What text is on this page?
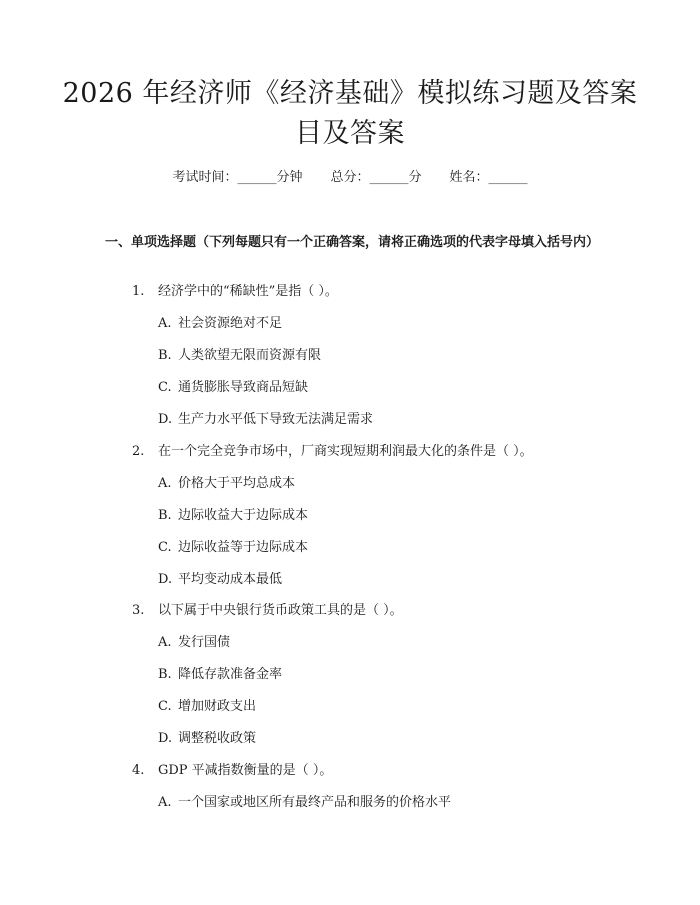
2026 年经济师《经济基础》模拟练习题及答案目及答案
考试时间：______分钟 总分：______分 姓名：______
一、单项选择题（下列每题只有一个正确答案，请将正确选项的代表字母填入括号内）
1. 经济学中的“稀缺性”是指（ ）。
A. 社会资源绝对不足
B. 人类欲望无限而资源有限
C. 通货膨胀导致商品短缺
D. 生产力水平低下导致无法满足需求
2. 在一个完全竞争市场中，厂商实现短期利润最大化的条件是（ ）。
A. 价格大于平均总成本
B. 边际收益大于边际成本
C. 边际收益等于边际成本
D. 平均变动成本最低
3. 以下属于中央银行货币政策工具的是（ ）。
A. 发行国债
B. 降低存款准备金率
C. 增加财政支出
D. 调整税收政策
4. GDP 平减指数衡量的是（ ）。
A. 一个国家或地区所有最终产品和服务的价格水平
